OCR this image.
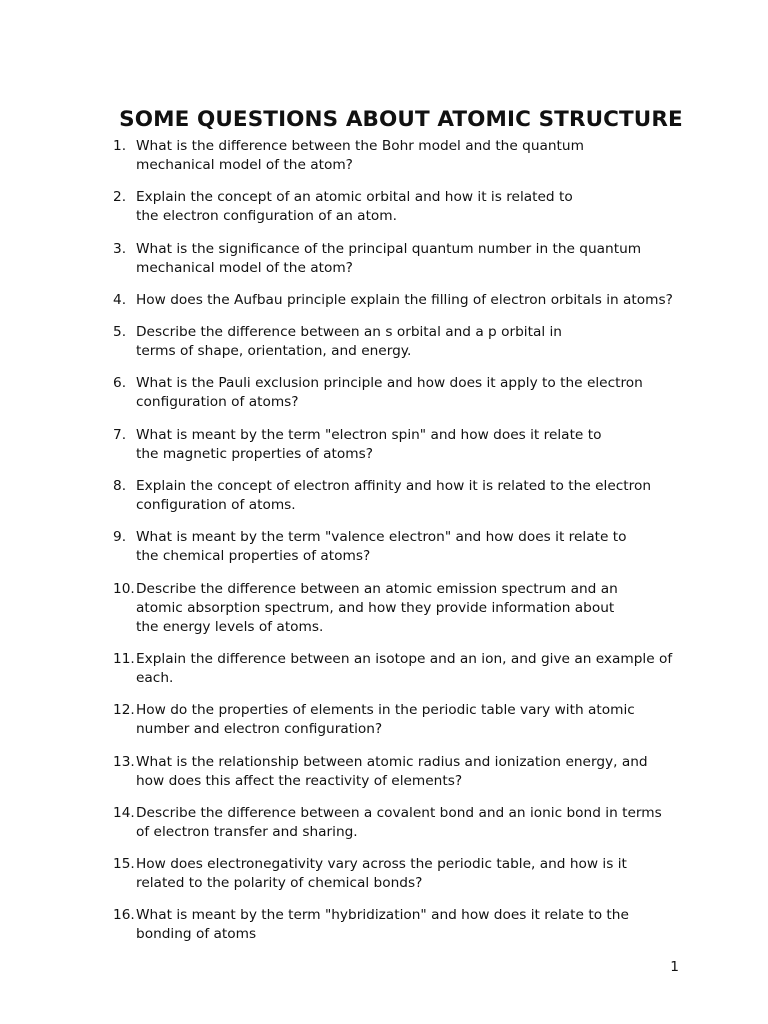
SOME QUESTIONS ABOUT ATOMIC STRUCTURE
1. What is the difference between the Bohr model and the quantum
mechanical model of the atom?
2. Explain the concept of an atomic orbital and how it is related to
the electron configuration of an atom.
3. What is the significance of the principal quantum number in the quantum
mechanical model of the atom?
4. How does the Aufbau principle explain the filling of electron orbitals in atoms?
5. Describe the difference between an s orbital and a p orbital in
terms of shape, orientation, and energy.
6. What is the Pauli exclusion principle and how does it apply to the electron
configuration of atoms?
7. What is meant by the term "electron spin" and how does it relate to
the magnetic properties of atoms?
8. Explain the concept of electron affinity and how it is related to the electron
configuration of atoms.
9. What is meant by the term "valence electron" and how does it relate to
the chemical properties of atoms?
10. Describe the difference between an atomic emission spectrum and an
atomic absorption spectrum, and how they provide information about
the energy levels of atoms.
11. Explain the difference between an isotope and an ion, and give an example of
each.
12. How do the properties of elements in the periodic table vary with atomic
number and electron configuration?
13. What is the relationship between atomic radius and ionization energy, and
how does this affect the reactivity of elements?
14. Describe the difference between a covalent bond and an ionic bond in terms
of electron transfer and sharing.
15. How does electronegativity vary across the periodic table, and how is it
related to the polarity of chemical bonds?
16. What is meant by the term "hybridization" and how does it relate to the
bonding of atoms
1
